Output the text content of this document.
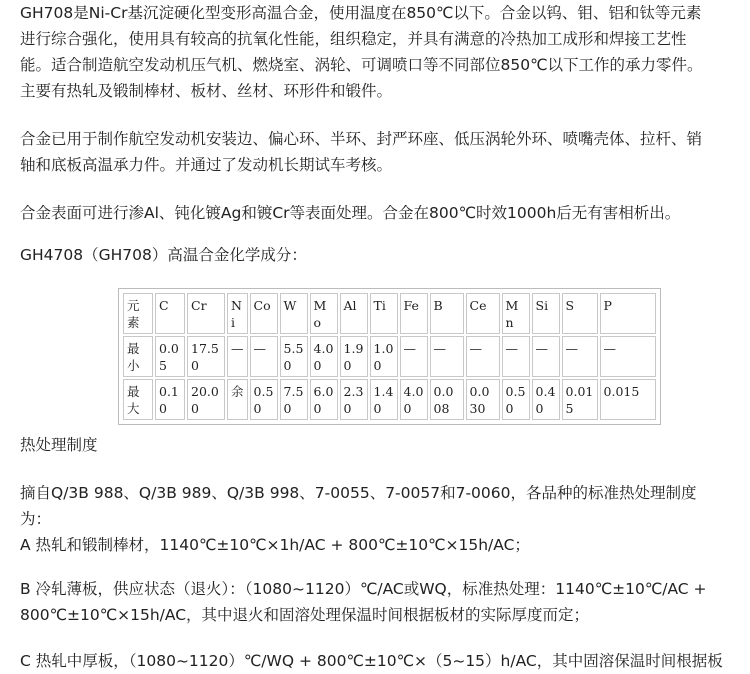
GH708是Ni-Cr基沉淀硬化型变形高温合金，使用温度在850℃以下。合金以钨、钼、铝和钛等元素
进行综合强化，使用具有较高的抗氧化性能，组织稳定，并具有满意的冷热加工成形和焊接工艺性
能。适合制造航空发动机压气机、燃烧室、涡轮、可调喷口等不同部位850℃以下工作的承力零件。
主要有热轧及锻制棒材、板材、丝材、环形件和锻件。

合金已用于制作航空发动机安装边、偏心环、半环、封严环座、低压涡轮外环、喷嘴壳体、拉杆、销
轴和底板高温承力件。并通过了发动机长期试车考核。

合金表面可进行渗Al、钝化镀Ag和镀Cr等表面处理。合金在800℃时效1000h后无有害相析出。

GH4708（GH708）高温合金化学成分：

元素	C	Cr	Ni	Co	W	Mo	Al	Ti	Fe	B	Ce	Mn	Si	S	P
最小	0.05	17.50	—	—	5.50	4.00	1.90	1.00	—	—	—	—	—	—	—
最大	0.10	20.00	余	0.50	7.50	6.00	2.30	1.40	4.00	0.008	0.030	0.50	0.40	0.015	0.015

热处理制度

摘自Q/3B 988、Q/3B 989、Q/3B 998、7-0055、7-0057和7-0060，各品种的标准热处理制度
为：
A 热轧和锻制棒材，1140℃±10℃×1h/AC + 800℃±10℃×15h/AC；

B 冷轧薄板，供应状态（退火）：（1080~1120）℃/AC或WQ，标准热处理：1140℃±10℃/AC +
800℃±10℃×15h/AC，其中退火和固溶处理保温时间根据板材的实际厚度而定；

C 热轧中厚板，（1080~1120）℃/WQ + 800℃±10℃×（5~15）h/AC，其中固溶保温时间根据板
